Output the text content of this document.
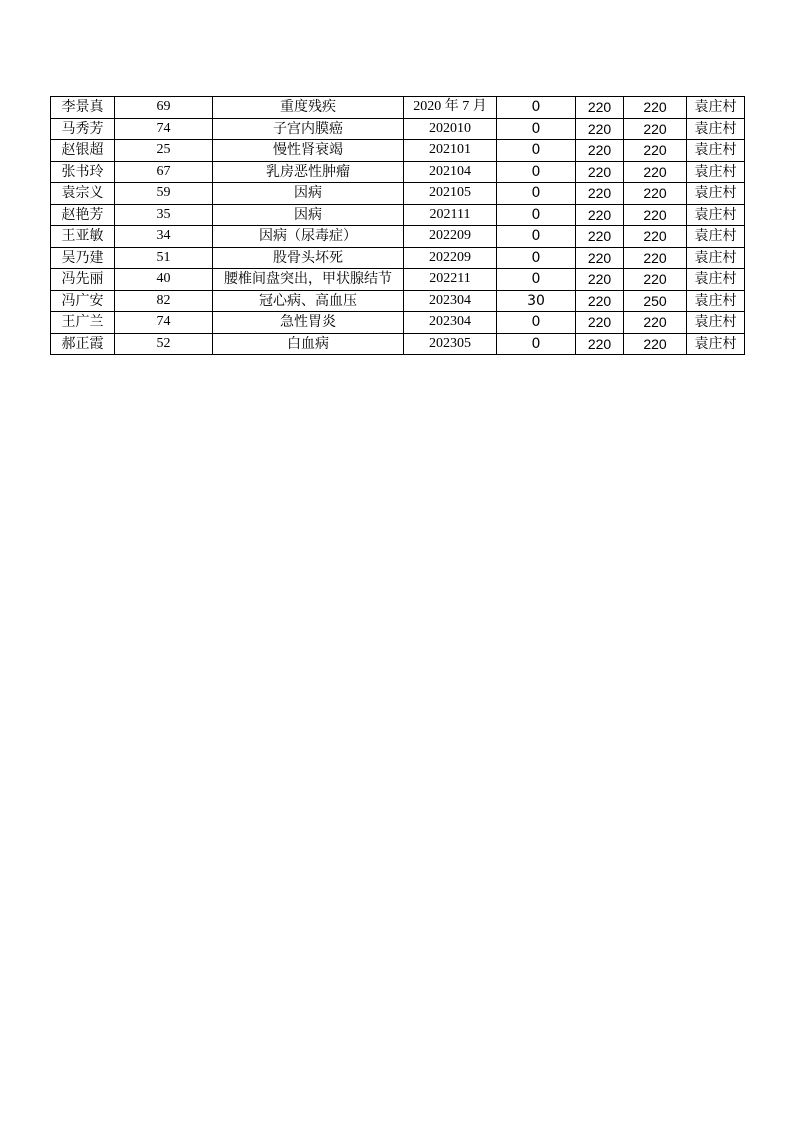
李景真	69	重度残疾	2020 年 7 月	0	220	220	袁庄村
马秀芳	74	子宫内膜癌	202010	0	220	220	袁庄村
赵银超	25	慢性肾衰竭	202101	0	220	220	袁庄村
张书玲	67	乳房恶性肿瘤	202104	0	220	220	袁庄村
袁宗义	59	因病	202105	0	220	220	袁庄村
赵艳芳	35	因病	202111	0	220	220	袁庄村
王亚敏	34	因病（尿毒症）	202209	0	220	220	袁庄村
吴乃建	51	股骨头坏死	202209	0	220	220	袁庄村
冯先丽	40	腰椎间盘突出，甲状腺结节	202211	0	220	220	袁庄村
冯广安	82	冠心病、高血压	202304	30	220	250	袁庄村
王广兰	74	急性胃炎	202304	0	220	220	袁庄村
郝正霞	52	白血病	202305	0	220	220	袁庄村
